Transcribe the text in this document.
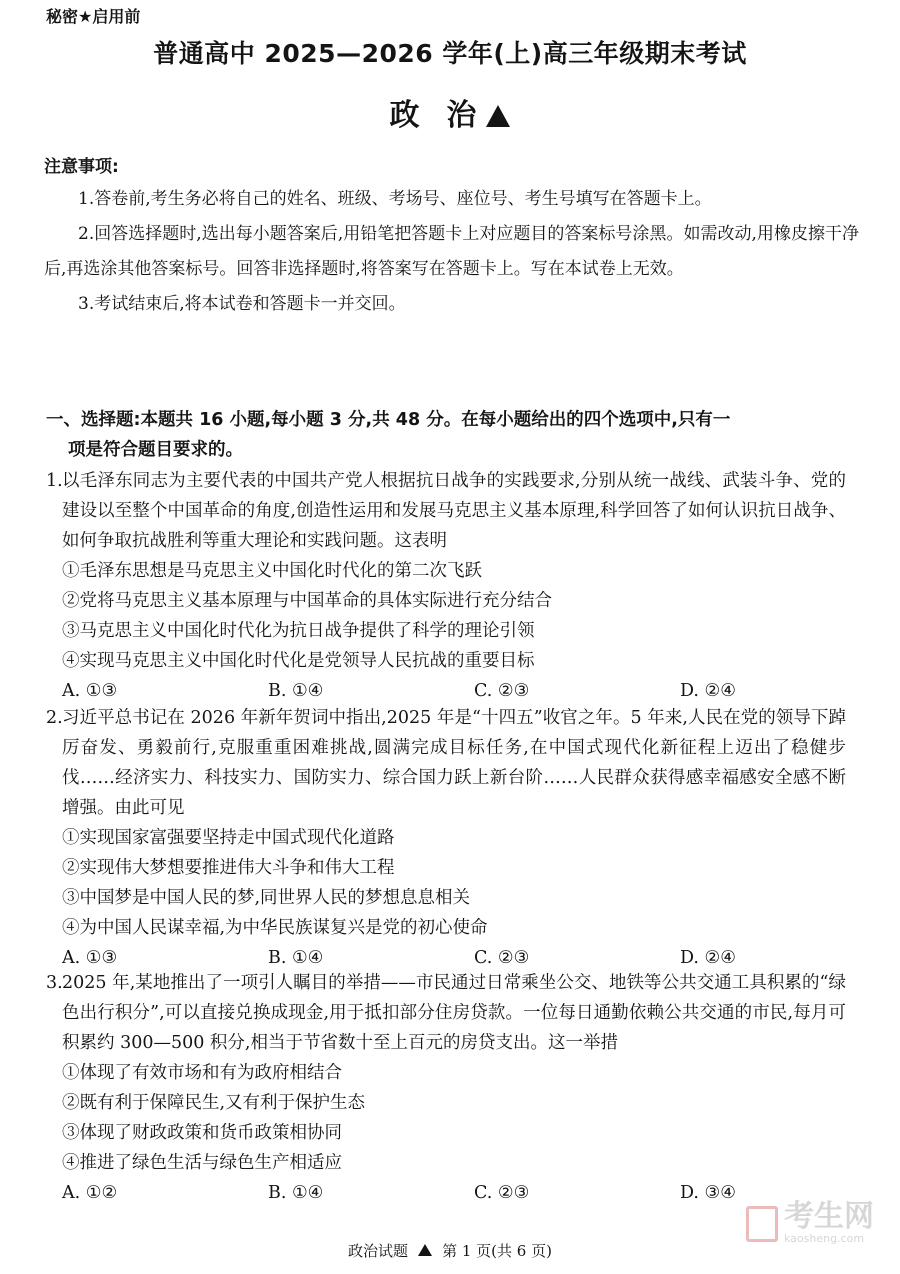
秘密★启用前
普通高中 2025—2026 学年(上)高三年级期末考试
政  治
注意事项:

1.答卷前,考生务必将自己的姓名、班级、考场号、座位号、考生号填写在答题卡上。

2.回答选择题时,选出每小题答案后,用铅笔把答题卡上对应题目的答案标号涂黑。如需改动,用橡皮擦干净后,再选涂其他答案标号。回答非选择题时,将答案写在答题卡上。写在本试卷上无效。

3.考试结束后,将本试卷和答题卡一并交回。

一、选择题:本题共 16 小题,每小题 3 分,共 48 分。在每小题给出的四个选项中,只有一
项是符合题目要求的。
1. 以毛泽东同志为主要代表的中国共产党人根据抗日战争的实践要求,分别从统一战线、武装斗争、党的建设以至整个中国革命的角度,创造性运用和发展马克思主义基本原理,科学回答了如何认识抗日战争、如何争取抗战胜利等重大理论和实践问题。这表明
①毛泽东思想是马克思主义中国化时代化的第二次飞跃
②党将马克思主义基本原理与中国革命的具体实际进行充分结合
③马克思主义中国化时代化为抗日战争提供了科学的理论引领
④实现马克思主义中国化时代化是党领导人民抗战的重要目标
A. ①③	B. ①④	C. ②③	D. ②④
2. 习近平总书记在 2026 年新年贺词中指出,2025 年是“十四五”收官之年。5 年来,人民在党的领导下踔厉奋发、勇毅前行,克服重重困难挑战,圆满完成目标任务,在中国式现代化新征程上迈出了稳健步伐……经济实力、科技实力、国防实力、综合国力跃上新台阶……人民群众获得感幸福感安全感不断增强。由此可见
①实现国家富强要坚持走中国式现代化道路
②实现伟大梦想要推进伟大斗争和伟大工程
③中国梦是中国人民的梦,同世界人民的梦想息息相关
④为中国人民谋幸福,为中华民族谋复兴是党的初心使命
A. ①③	B. ①④	C. ②③	D. ②④
3. 2025 年,某地推出了一项引人瞩目的举措——市民通过日常乘坐公交、地铁等公共交通工具积累的“绿色出行积分”,可以直接兑换成现金,用于抵扣部分住房贷款。一位每日通勤依赖公共交通的市民,每月可积累约 300—500 积分,相当于节省数十至上百元的房贷支出。这一举措
①体现了有效市场和有为政府相结合
②既有利于保障民生,又有利于保护生态
③体现了财政政策和货币政策相协同
④推进了绿色生活与绿色生产相适应
A. ①②	B. ①④	C. ②③	D. ③④
考生网
kaosheng.com
政治试题 第 1 页(共 6 页)
